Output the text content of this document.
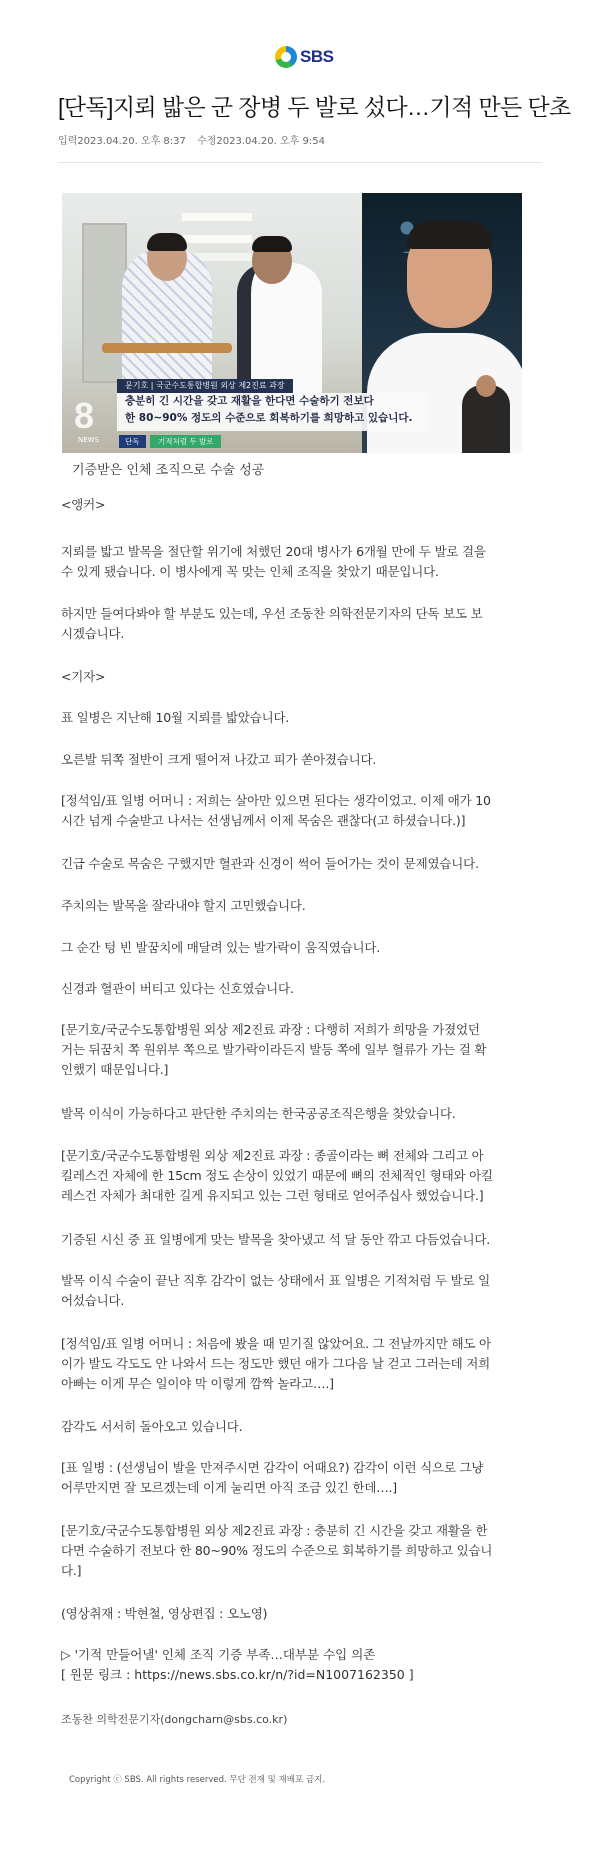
SBS
[단독]지뢰 밟은 군 장병 두 발로 섰다…기적 만든 단초
입력2023.04.20. 오후 8:37 수정2023.04.20. 오후 9:54
8
NEWS
문기호 | 국군수도통합병원 외상 제2진료 과장
충분히 긴 시간을 갖고 재활을 한다면 수술하기 전보다
한 80~90% 정도의 수준으로 회복하기를 희망하고 있습니다.
단독	기적처럼 두 발로
기증받은 인체 조직으로 수술 성공

<앵커>

지뢰를 밟고 발목을 절단할 위기에 처했던 20대 병사가 6개월 만에 두 발로 걸을
수 있게 됐습니다. 이 병사에게 꼭 맞는 인체 조직을 찾았기 때문입니다.

하지만 들여다봐야 할 부분도 있는데, 우선 조동찬 의학전문기자의 단독 보도 보
시겠습니다.

<기자>

표 일병은 지난해 10월 지뢰를 밟았습니다.

오른발 뒤쪽 절반이 크게 떨어져 나갔고 피가 쏟아졌습니다.

[정석임/표 일병 어머니 : 저희는 살아만 있으면 된다는 생각이었고. 이제 애가 10
시간 넘게 수술받고 나서는 선생님께서 이제 목숨은 괜찮다(고 하셨습니다.)]

긴급 수술로 목숨은 구했지만 혈관과 신경이 썩어 들어가는 것이 문제였습니다.

주치의는 발목을 잘라내야 할지 고민했습니다.

그 순간 텅 빈 발꿈치에 매달려 있는 발가락이 움직였습니다.

신경과 혈관이 버티고 있다는 신호였습니다.

[문기호/국군수도통합병원 외상 제2진료 과장 : 다행히 저희가 희망을 가졌었던
거는 뒤꿈치 쪽 원위부 쪽으로 발가락이라든지 발등 쪽에 일부 혈류가 가는 걸 확
인했기 때문입니다.]

발목 이식이 가능하다고 판단한 주치의는 한국공공조직은행을 찾았습니다.

[문기호/국군수도통합병원 외상 제2진료 과장 : 종골이라는 뼈 전체와 그리고 아
킬레스건 자체에 한 15cm 정도 손상이 있었기 때문에 뼈의 전체적인 형태와 아킬
레스건 자체가 최대한 길게 유지되고 있는 그런 형태로 얻어주십사 했었습니다.]

기증된 시신 중 표 일병에게 맞는 발목을 찾아냈고 석 달 동안 깎고 다듬었습니다.

발목 이식 수술이 끝난 직후 감각이 없는 상태에서 표 일병은 기적처럼 두 발로 일
어섰습니다.

[정석임/표 일병 어머니 : 처음에 봤을 때 믿기질 않았어요. 그 전날까지만 해도 아
이가 발도 각도도 안 나와서 드는 정도만 했던 애가 그다음 날 걷고 그러는데 저희
아빠는 이게 무슨 일이야 막 이렇게 깜짝 놀라고….]

감각도 서서히 돌아오고 있습니다.

[표 일병 : (선생님이 발을 만져주시면 감각이 어때요?) 감각이 이런 식으로 그냥
어루만지면 잘 모르겠는데 이게 눌리면 아직 조금 있긴 한데….]

[문기호/국군수도통합병원 외상 제2진료 과장 : 충분히 긴 시간을 갖고 재활을 한
다면 수술하기 전보다 한 80~90% 정도의 수준으로 회복하기를 희망하고 있습니
다.]

(영상취재 : 박현철, 영상편집 : 오노영)

▷ '기적 만들어낼' 인체 조직 기증 부족…대부분 수입 의존
[ 원문 링크 : https://news.sbs.co.kr/n/?id=N1007162350 ]
조동찬 의학전문기자(dongcharn@sbs.co.kr)
Copyright ⓒ SBS. All rights reserved. 무단 전재 및 재배포 금지.
